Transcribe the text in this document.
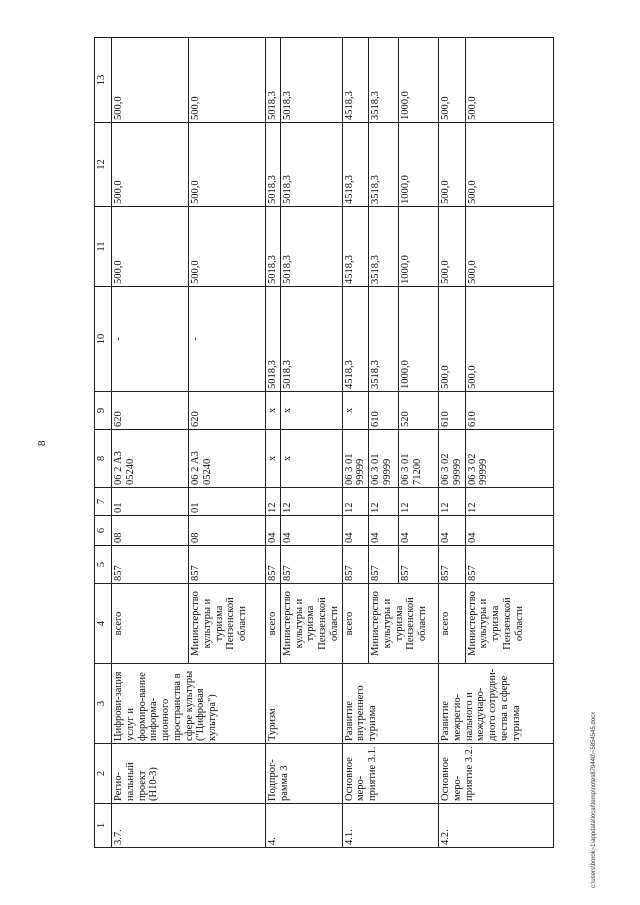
8
1	2	3	4	5	6	7	8	9	10	11	12	13
3.7.	Регио-нальный проект (Н10-3)	Цифрови-зация услуг и формиро-вание информа-ционного пространства в сфере культуры ("Цифровая культура")	всего	857	08	01	06 2 А3 05240	620	-	500,0	500,0	500,0
			Министерство культуры и туризма Пензенской области	857	08	01	06 2 А3 05240	620	-	500,0	500,0	500,0
4.	Подпрог-рамма 3	Туризм	всего	857	04	12	х	х	5018,3	5018,3	5018,3	5018,3
			Министерство культуры и туризма Пензенской области	857	04	12	х	х	5018,3	5018,3	5018,3	5018,3
4.1.	Основное меро-приятие 3.1.	Развитие внутреннего туризма	всего	857	04	12	06 3 01 99999	х	4518,3	4518,3	4518,3	4518,3
			Министерство культуры и туризма Пензенской области	857	04	12	06 3 01 99999	610	3518,3	3518,3	3518,3	3518,3
				857	04	12	06 3 01 71200	520	1000,0	1000,0	1000,0	1000,0
4.2.	Основное меро-приятие 3.2.	Развитие межрегио-нального и междунаро-дного сотрудни-чества в сфере туризма	всего	857	04	12	06 3 02 99999	610	500,0	500,0	500,0	500,0
			Министерство культуры и туризма Пензенской области	857	04	12	06 3 02 99999	610	500,0	500,0	500,0	500,0
c:\users\borok~1\appdata\local\temp\notes879440\~5854545.docx
